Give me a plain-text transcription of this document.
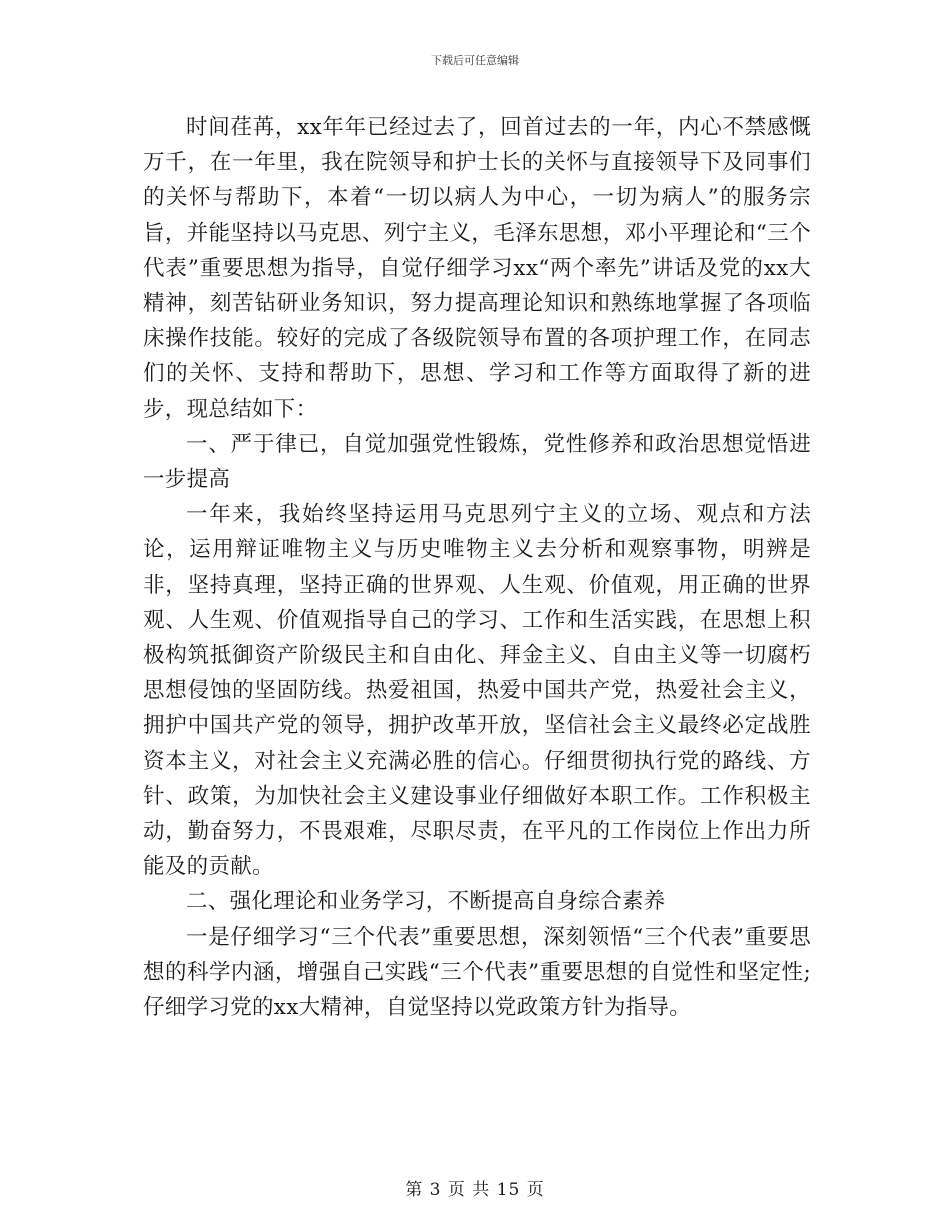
下载后可任意编辑

时间荏苒，xx年年已经过去了，回首过去的一年，内心不禁感慨万千，在一年里，我在院领导和护士长的关怀与直接领导下及同事们的关怀与帮助下，本着“一切以病人为中心，一切为病人”的服务宗旨，并能坚持以马克思、列宁主义，毛泽东思想，邓小平理论和“三个代表”重要思想为指导，自觉仔细学习xx“两个率先”讲话及党的xx大精神，刻苦钻研业务知识，努力提高理论知识和熟练地掌握了各项临床操作技能。较好的完成了各级院领导布置的各项护理工作，在同志们的关怀、支持和帮助下，思想、学习和工作等方面取得了新的进步，现总结如下：

一、严于律已，自觉加强党性锻炼，党性修养和政治思想觉悟进一步提高

一年来，我始终坚持运用马克思列宁主义的立场、观点和方法论，运用辩证唯物主义与历史唯物主义去分析和观察事物，明辨是非，坚持真理，坚持正确的世界观、人生观、价值观，用正确的世界观、人生观、价值观指导自己的学习、工作和生活实践，在思想上积极构筑抵御资产阶级民主和自由化、拜金主义、自由主义等一切腐朽思想侵蚀的坚固防线。热爱祖国，热爱中国共产党，热爱社会主义，拥护中国共产党的领导，拥护改革开放，坚信社会主义最终必定战胜资本主义，对社会主义充满必胜的信心。仔细贯彻执行党的路线、方针、政策，为加快社会主义建设事业仔细做好本职工作。工作积极主动，勤奋努力，不畏艰难，尽职尽责，在平凡的工作岗位上作出力所能及的贡献。

二、强化理论和业务学习，不断提高自身综合素养

一是仔细学习“三个代表”重要思想，深刻领悟“三个代表”重要思想的科学内涵，增强自己实践“三个代表”重要思想的自觉性和坚定性;仔细学习党的xx大精神，自觉坚持以党政策方针为指导。

第 3 页 共 15 页
